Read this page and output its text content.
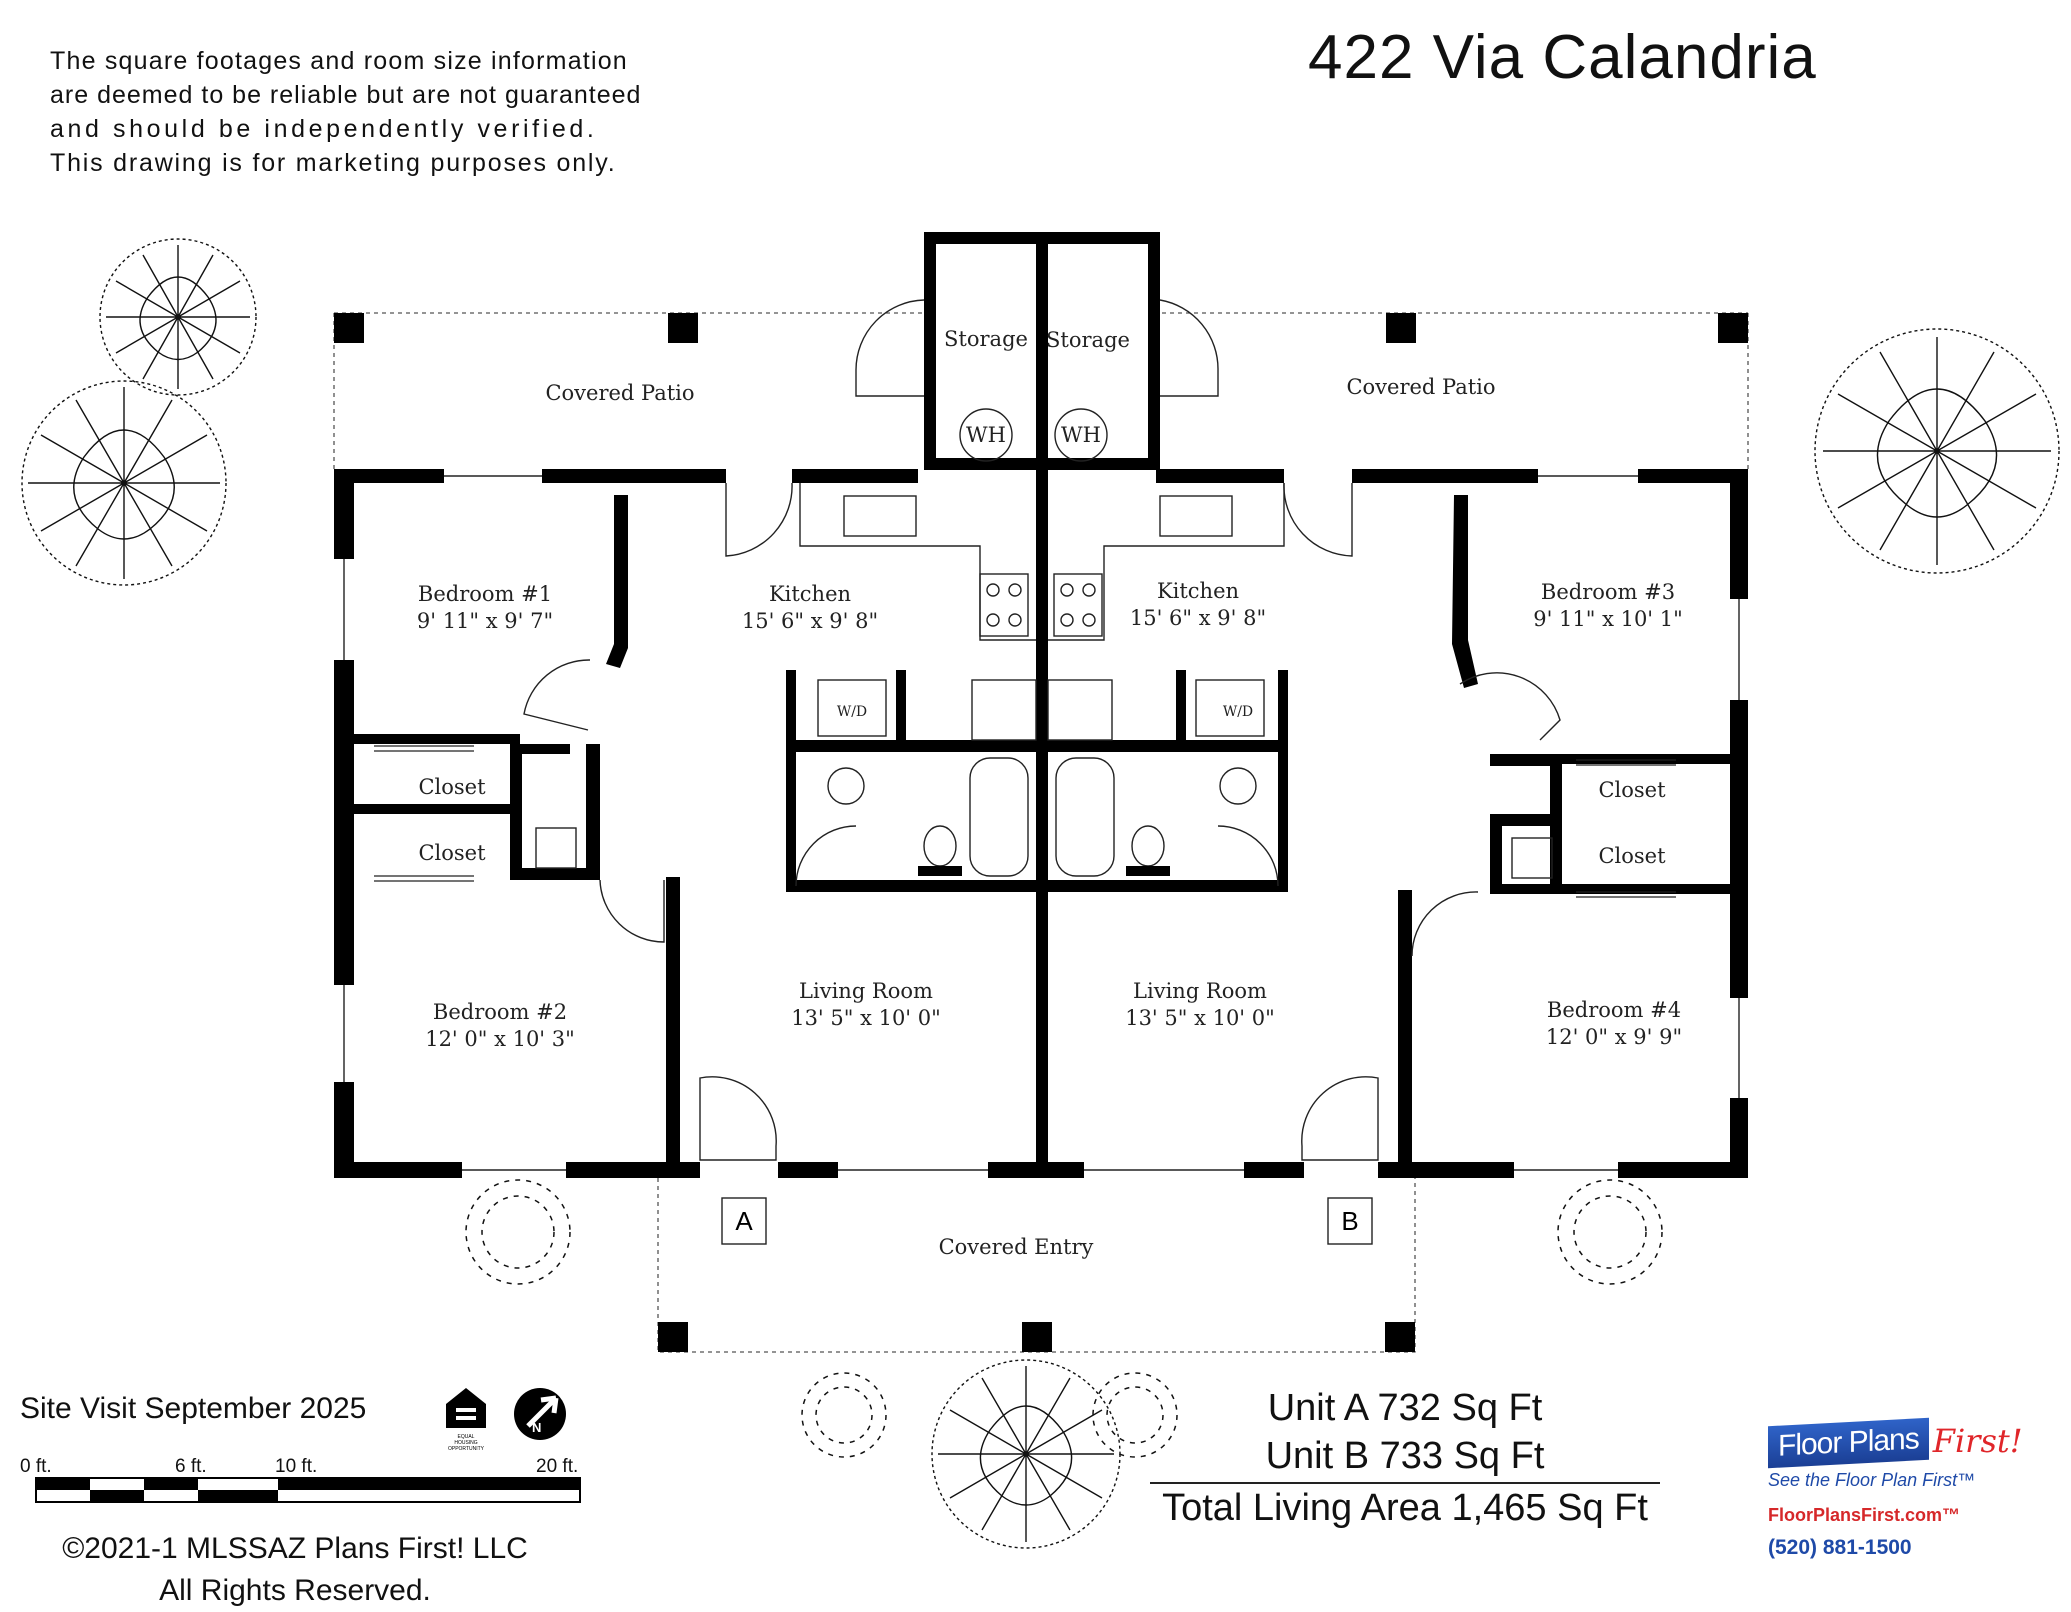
The square footages and room size information
are deemed to be reliable but are not guaranteed
and should be independently verified.
This drawing is for marketing purposes only.
422 Via Calandria
WH	WH
A	B
Covered Patio	Covered Patio
Storage Storage
Covered Entry
Closet
Closet
Closet
Closet
W/D	W/D
Bedroom #1
9' 11" x 9' 7"
Bedroom #2
12' 0" x 10' 3"
Bedroom #3
9' 11" x 10' 1"
Bedroom #4
12' 0" x 9' 9"
Kitchen
15' 6" x 9' 8"
Kitchen
15' 6" x 9' 8"
Living Room
13' 5" x 10' 0"
Living Room
13' 5" x 10' 0"
EQUAL
HOUSING
OPPORTUNITY
N
0 ft.	6 ft.	10 ft.	20 ft.
Site Visit September 2025	Unit A 732 Sq Ft
Unit B 733 Sq Ft
Total Living Area 1,465 Sq Ft
©2021-1 MLSSAZ Plans First! LLC
All Rights Reserved.
Floor Plans First!
See the Floor Plan First™
FloorPlansFirst.com™
(520) 881-1500
